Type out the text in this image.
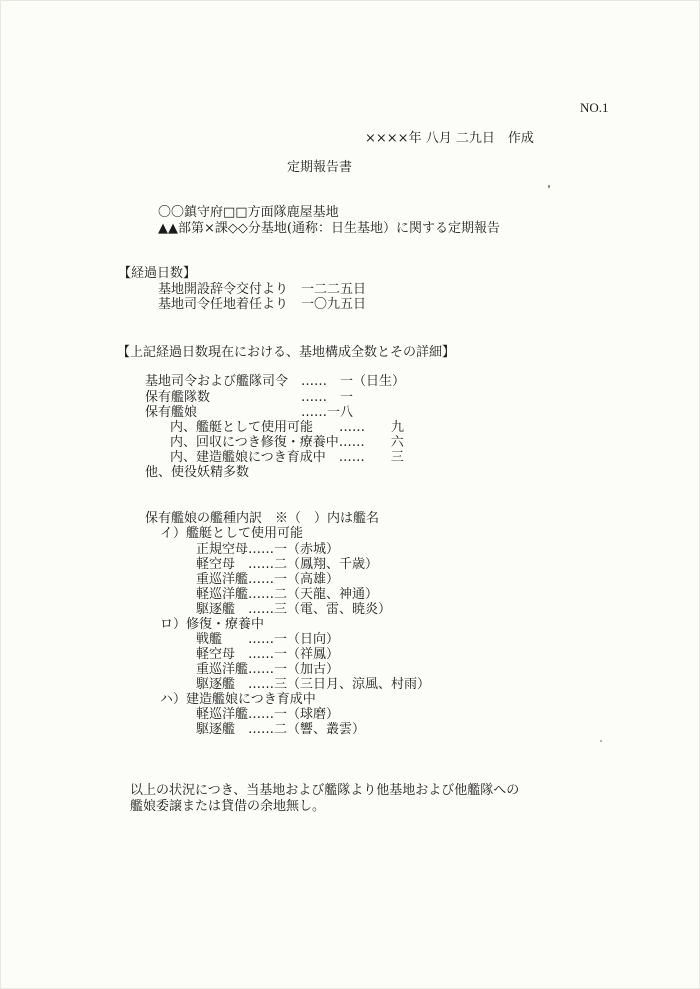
NO.1
××××年 八月 二九日　作成
定期報告書
〇〇鎮守府□□方面隊鹿屋基地
▲▲部第×課◇◇分基地(通称：日生基地）に関する定期報告
【経過日数】
基地開設辞令交付より　一二二五日
基地司令任地着任より　一〇九五日
【上記経過日数現在における、基地構成全数とその詳細】
基地司令および艦隊司令　……　一（日生）
保有艦隊数　　　　　　　……　一
保有艦娘　　　　　　　　……一八
内、艦艇として使用可能　　……　　九
内、回収につき修復・療養中……　　六
内、建造艦娘につき育成中　……　　三
他、使役妖精多数
保有艦娘の艦種内訳　※（　）内は艦名
イ）艦艇として使用可能
正規空母……一（赤城）
軽空母　……二（鳳翔、千歳）
重巡洋艦……一（高雄）
軽巡洋艦……二（天龍、神通）
駆逐艦　……三（電、雷、暁炎）
ロ）修復・療養中
戦艦　　……一（日向）
軽空母　……一（祥鳳）
重巡洋艦……一（加古）
駆逐艦　……三（三日月、涼風、村雨）
ハ）建造艦娘につき育成中
軽巡洋艦……一（球磨）
駆逐艦　……二（響、叢雲）
以上の状況につき、当基地および艦隊より他基地および他艦隊への
艦娘委譲または貸借の余地無し。
